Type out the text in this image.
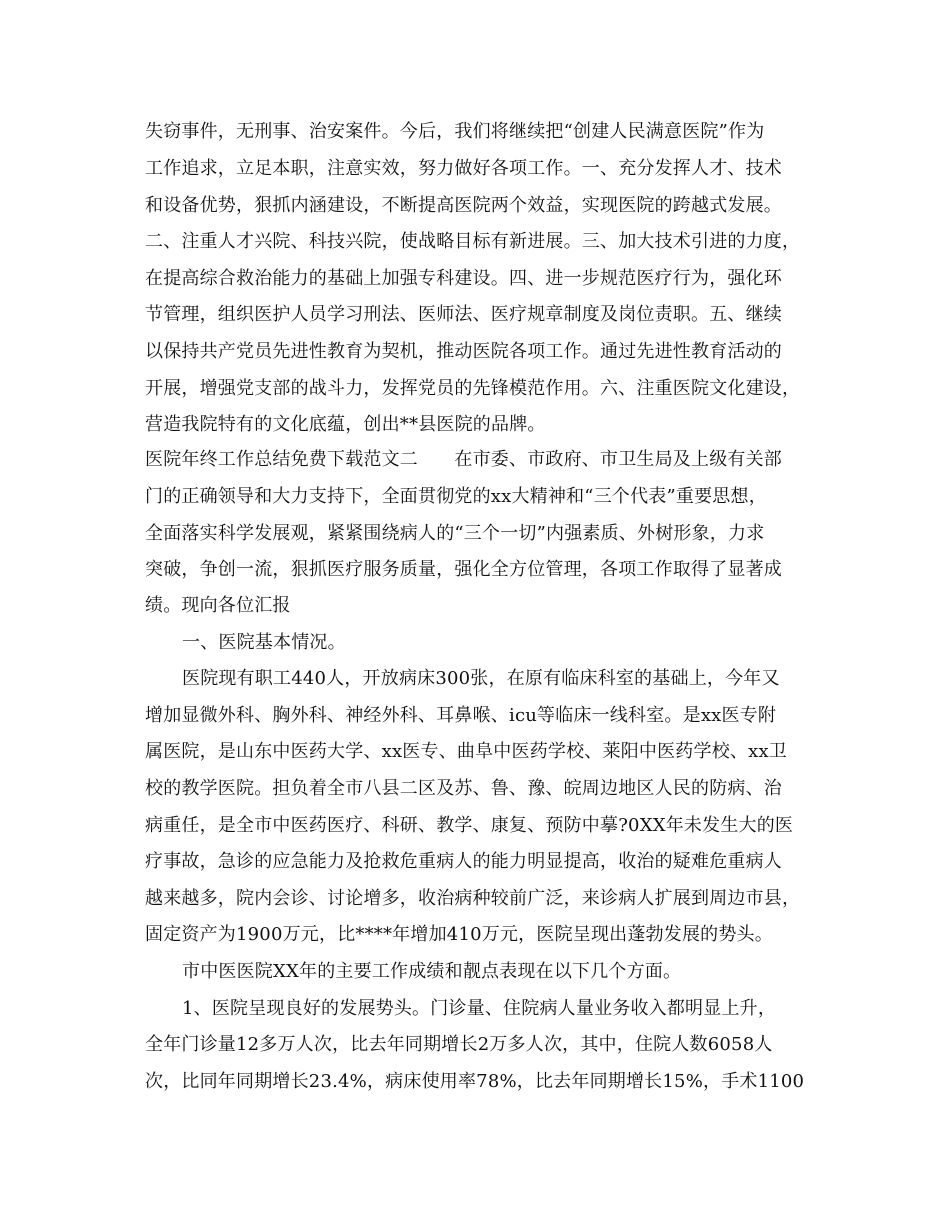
失窃事件，无刑事、治安案件。今后，我们将继续把“创建人民满意医院”作为
工作追求，立足本职，注意实效，努力做好各项工作。一、充分发挥人才、技术
和设备优势，狠抓内涵建设，不断提高医院两个效益，实现医院的跨越式发展。
二、注重人才兴院、科技兴院，使战略目标有新进展。三、加大技术引进的力度，
在提高综合救治能力的基础上加强专科建设。四、进一步规范医疗行为，强化环
节管理，组织医护人员学习刑法、医师法、医疗规章制度及岗位责职。五、继续
以保持共产党员先进性教育为契机，推动医院各项工作。通过先进性教育活动的
开展，增强党支部的战斗力，发挥党员的先锋模范作用。六、注重医院文化建设，
营造我院特有的文化底蕴，创出**县医院的品牌。
医院年终工作总结免费下载范文二　　在市委、市政府、市卫生局及上级有关部
门的正确领导和大力支持下，全面贯彻党的xx大精神和“三个代表”重要思想，
全面落实科学发展观，紧紧围绕病人的“三个一切”内强素质、外树形象，力求
突破，争创一流，狠抓医疗服务质量，强化全方位管理，各项工作取得了显著成
绩。现向各位汇报
一、医院基本情况。
医院现有职工440人，开放病床300张，在原有临床科室的基础上，今年又
增加显微外科、胸外科、神经外科、耳鼻喉、icu等临床一线科室。是xx医专附
属医院，是山东中医药大学、xx医专、曲阜中医药学校、莱阳中医药学校、xx卫
校的教学医院。担负着全市八县二区及苏、鲁、豫、皖周边地区人民的防病、治
病重任，是全市中医药医疗、科研、教学、康复、预防中摹?0XX年未发生大的医
疗事故，急诊的应急能力及抢救危重病人的能力明显提高，收治的疑难危重病人
越来越多，院内会诊、讨论增多，收治病种较前广泛，来诊病人扩展到周边市县，
固定资产为1900万元，比****年增加410万元，医院呈现出蓬勃发展的势头。
市中医医院XX年的主要工作成绩和靓点表现在以下几个方面。
1、医院呈现良好的发展势头。门诊量、住院病人量业务收入都明显上升，
全年门诊量12多万人次，比去年同期增长2万多人次，其中，住院人数6058人
次，比同年同期增长23.4%，病床使用率78%，比去年同期增长15%，手术1100
